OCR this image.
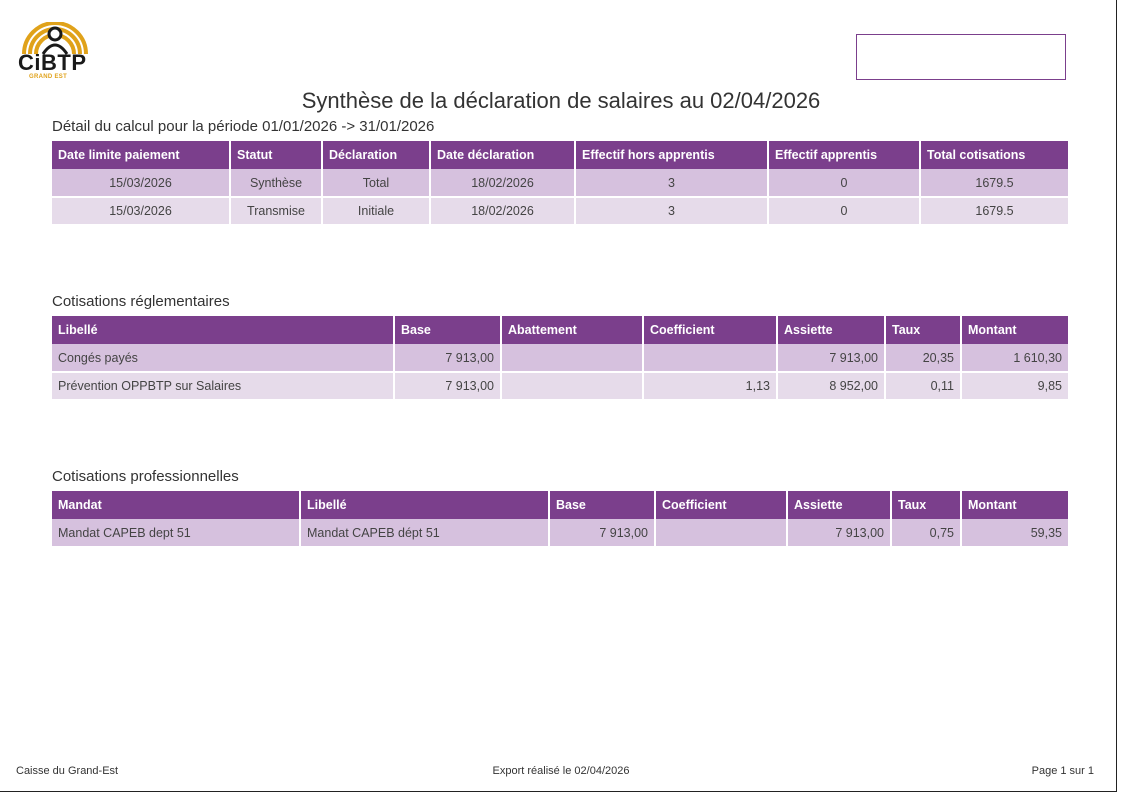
CiBTP
GRAND EST
Synthèse de la déclaration de salaires au 02/04/2026
Détail du calcul pour la période 01/01/2026 -> 31/01/2026
Date limite paiement	Statut	Déclaration	Date déclaration	Effectif hors apprentis	Effectif apprentis	Total cotisations
15/03/2026	Synthèse	Total	18/02/2026	3	0	1679.5
15/03/2026	Transmise	Initiale	18/02/2026	3	0	1679.5
Cotisations réglementaires
Libellé	Base	Abattement	Coefficient	Assiette	Taux	Montant
Congés payés	7 913,00			7 913,00	20,35	1 610,30
Prévention OPPBTP sur Salaires	7 913,00		1,13	8 952,00	0,11	9,85
Cotisations professionnelles
Mandat	Libellé	Base	Coefficient	Assiette	Taux	Montant
Mandat CAPEB dept 51	Mandat CAPEB dépt 51	7 913,00		7 913,00	0,75	59,35
Caisse du Grand-Est	Export réalisé le 02/04/2026	Page 1 sur 1
